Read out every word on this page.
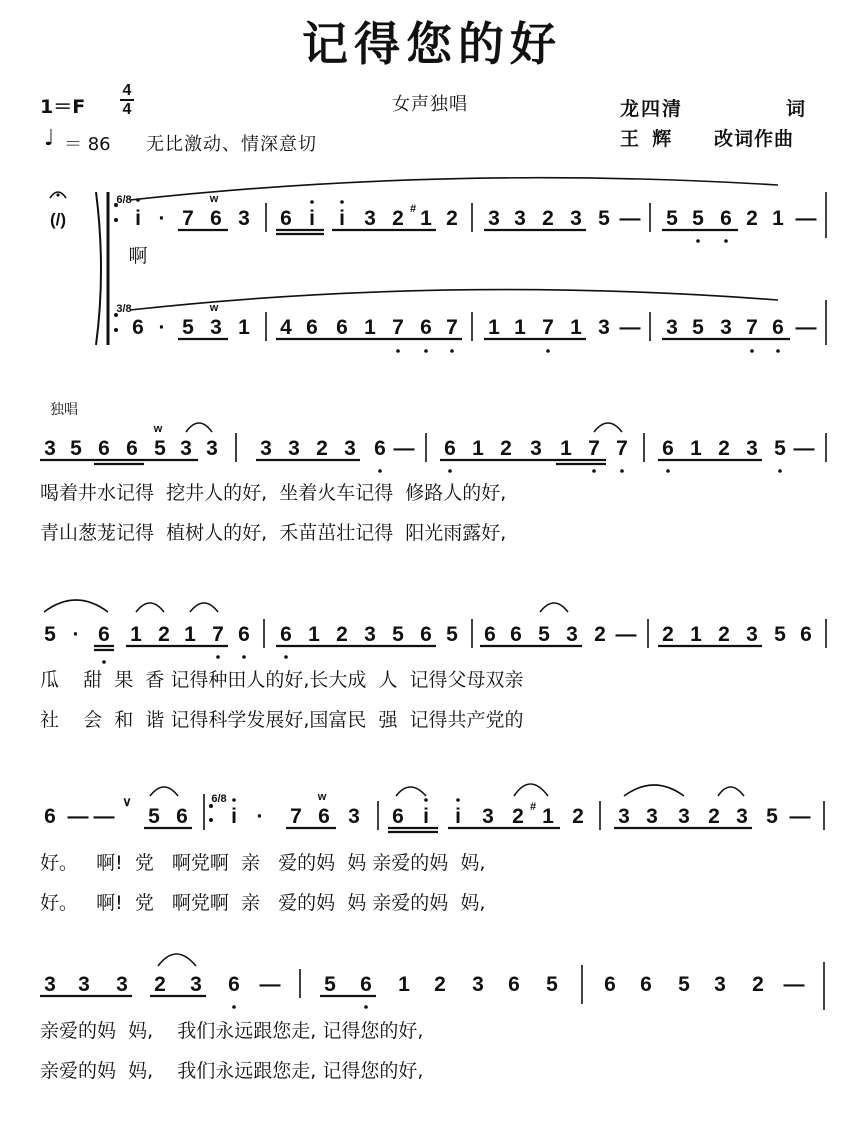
记得您的好
1＝F
4
4
♩ ＝ 86 无比激动、情深意切
女声独唱	龙四清	词
王  辉 改词作曲
(/)
6/8
3/8
啊
i · 7 6
w
3 6 i i 3 2 # 1 2 3 3 2 3 5 — 5 5 6 2 1 —
6 · 5 3
w
1 4 6 6 1 7 6 7 1 1 7 1 3 — 3 5 3 7 6 —
独唱
3 5 6 6 5
w
3 3 3 3 2 3 6 — 6 1 2 3 1 7 7 6 1 2 3 5 —
5 · 6 1 2 1 7 6 6 1 2 3 5 6 5 6 6 5 3 2 — 2 1 2 3 5 6
6 — —
∨
5 6
6/8
i · 7 6
w
3 6 i i 3 2 # 1 2 3 3 3 2 3 5 —
3 3 3 2 3 6 — 5 6 1 2 3 6 5 6 6 5 3 2 —
喝着井水记得  挖井人的好,  坐着火车记得  修路人的好,
青山葱茏记得  植树人的好,  禾苗茁壮记得  阳光雨露好,
瓜    甜  果  香 记得种田人的好,长大成  人  记得父母双亲
社    会  和  谐 记得科学发展好,国富民  强  记得共产党的
好。   啊!  党   啊党啊  亲   爱的妈  妈 亲爱的妈  妈,
好。   啊!  党   啊党啊  亲   爱的妈  妈 亲爱的妈  妈,
亲爱的妈  妈,    我们永远跟您走, 记得您的好,
亲爱的妈  妈,    我们永远跟您走, 记得您的好,
